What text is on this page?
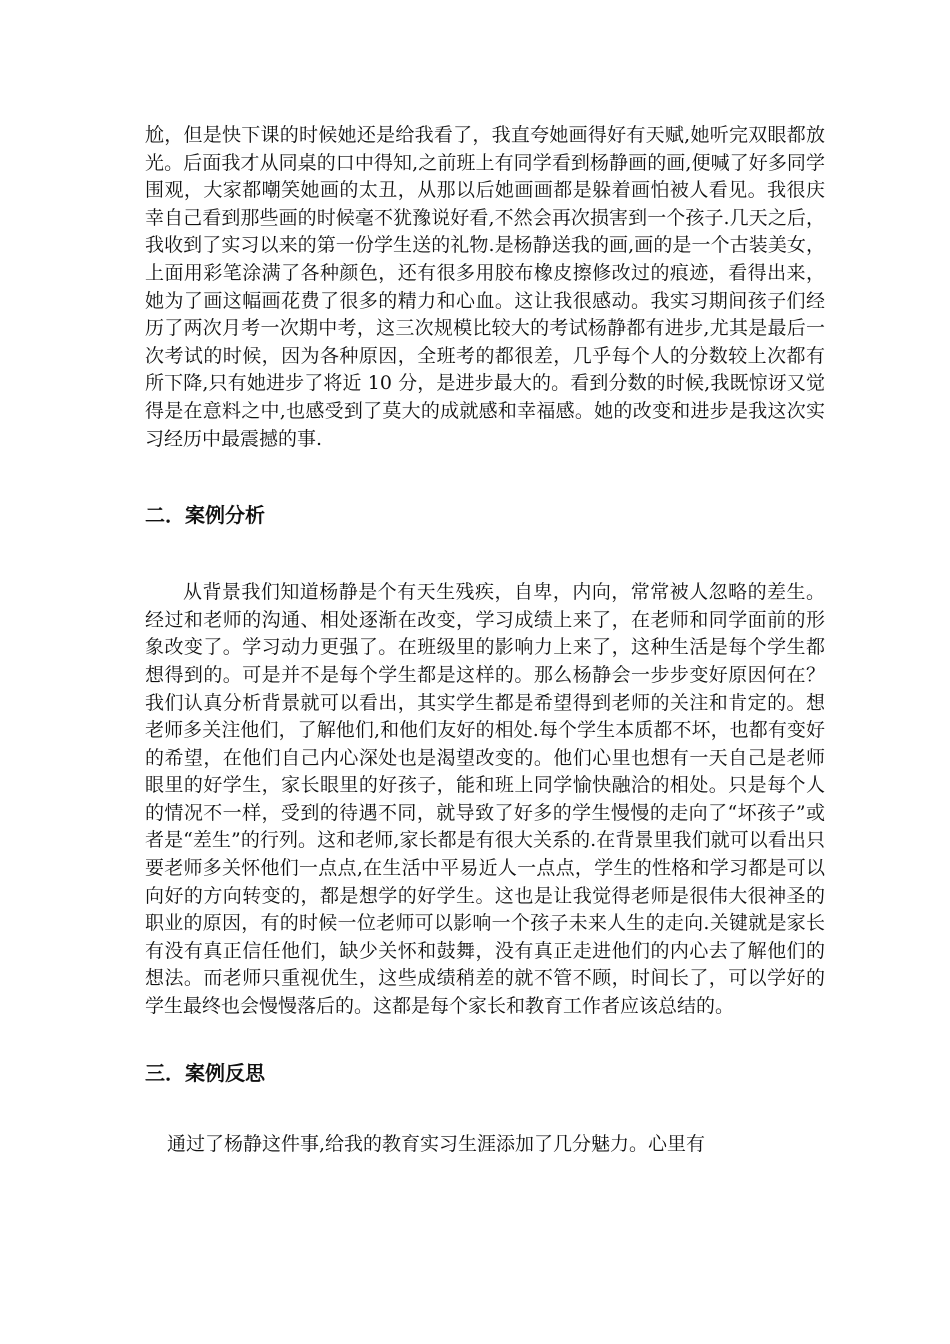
尬，但是快下课的时候她还是给我看了，我直夸她画得好有天赋,她听完双眼都放光。后面我才从同桌的口中得知,之前班上有同学看到杨静画的画,便喊了好多同学围观，大家都嘲笑她画的太丑，从那以后她画画都是躲着画怕被人看见。我很庆幸自己看到那些画的时候毫不犹豫说好看,不然会再次损害到一个孩子.几天之后，我收到了实习以来的第一份学生送的礼物.是杨静送我的画,画的是一个古装美女，上面用彩笔涂满了各种颜色，还有很多用胶布橡皮擦修改过的痕迹，看得出来，她为了画这幅画花费了很多的精力和心血。这让我很感动。我实习期间孩子们经历了两次月考一次期中考，这三次规模比较大的考试杨静都有进步,尤其是最后一次考试的时候，因为各种原因，全班考的都很差，几乎每个人的分数较上次都有所下降,只有她进步了将近 10 分，是进步最大的。看到分数的时候,我既惊讶又觉得是在意料之中,也感受到了莫大的成就感和幸福感。她的改变和进步是我这次实习经历中最震撼的事.

二．案例分析

从背景我们知道杨静是个有天生残疾，自卑，内向，常常被人忽略的差生。经过和老师的沟通、相处逐渐在改变，学习成绩上来了，在老师和同学面前的形象改变了。学习动力更强了。在班级里的影响力上来了，这种生活是每个学生都想得到的。可是并不是每个学生都是这样的。那么杨静会一步步变好原因何在？我们认真分析背景就可以看出，其实学生都是希望得到老师的关注和肯定的。想老师多关注他们，了解他们,和他们友好的相处.每个学生本质都不坏，也都有变好的希望，在他们自己内心深处也是渴望改变的。他们心里也想有一天自己是老师眼里的好学生，家长眼里的好孩子，能和班上同学愉快融洽的相处。只是每个人的情况不一样，受到的待遇不同，就导致了好多的学生慢慢的走向了“坏孩子”或者是“差生”的行列。这和老师,家长都是有很大关系的.在背景里我们就可以看出只要老师多关怀他们一点点,在生活中平易近人一点点，学生的性格和学习都是可以向好的方向转变的，都是想学的好学生。这也是让我觉得老师是很伟大很神圣的职业的原因，有的时候一位老师可以影响一个孩子未来人生的走向.关键就是家长有没有真正信任他们，缺少关怀和鼓舞，没有真正走进他们的内心去了解他们的想法。而老师只重视优生，这些成绩稍差的就不管不顾，时间长了，可以学好的学生最终也会慢慢落后的。这都是每个家长和教育工作者应该总结的。

三．案例反思

通过了杨静这件事,给我的教育实习生涯添加了几分魅力。心里有
